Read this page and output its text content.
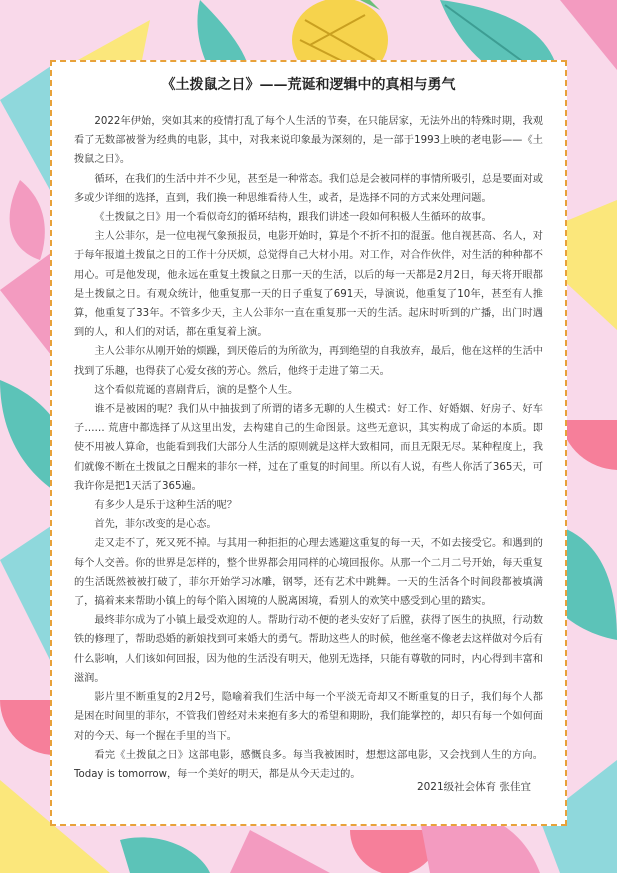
《土拨鼠之日》——荒诞和逻辑中的真相与勇气

2022年伊始，突如其来的疫情打乱了每个人生活的节奏，在只能居家，无法外出的特殊时期，我观看了无数部被誉为经典的电影，其中，对我来说印象最为深刻的，是一部于1993上映的老电影——《土拨鼠之日》。

循环，在我们的生活中并不少见，甚至是一种常态。我们总是会被同样的事情所吸引，总是要面对或多或少详细的选择，直到，我们换一种思维看待人生，或者，是选择不同的方式来处理问题。

《土拨鼠之日》用一个看似奇幻的循环结构，跟我们讲述一段如何积极人生循环的故事。

主人公菲尔，是一位电视气象预报员，电影开始时，算是个不折不扣的混蛋。他自视甚高、名人，对于每年报道土拨鼠之日的工作十分厌烦，总觉得自己大材小用。对工作，对合作伙伴，对生活的种种都不用心。可是他发现，他永远在重复土拨鼠之日那一天的生活，以后的每一天都是2月2日，每天将开眼都是土拨鼠之日。有观众统计，他重复那一天的日子重复了691天，导演说，他重复了10年，甚至有人推算，他重复了33年。不管多少天，主人公菲尔一直在重复那一天的生活。起床时听到的广播，出门时遇到的人，和人们的对话，都在重复着上演。

主人公菲尔从刚开始的烦躁，到厌倦后的为所欲为，再到绝望的自我放弃，最后，他在这样的生活中找到了乐趣，也得获了心爱女孩的芳心。然后，他终于走进了第二天。

这个看似荒诞的喜剧背后，演的是整个人生。

谁不是被困的呢？我们从中抽拔到了所谓的诸多无聊的人生模式：好工作、好婚姻、好房子、好车子…… 荒唐中都选择了从这里出发，去构建自己的生命图景。这些无意识，其实构成了命运的本质。即使不用被人算命，也能看到我们大部分人生活的原则就是这样大致相同，而且无限无尽。某种程度上，我们就像不断在土拨鼠之日醒来的菲尔一样，过在了重复的时间里。所以有人说，有些人你活了365天，可我许你是把1天活了365遍。

有多少人是乐于这种生活的呢？

首先，菲尔改变的是心态。

走又走不了，死又死不掉。与其用一种拒拒的心理去逃避这重复的每一天，不如去接受它。和遇到的每个人交善。你的世界是怎样的，整个世界都会用同样的心境回报你。从那一个二月二号开始，每天重复的生活既然被被打破了，菲尔开始学习冰雕，钢琴，还有艺术中跳舞。一天的生活各个时间段都被填满了，搞着来来帮助小镇上的每个陷入困境的人脱离困境，看别人的欢笑中感受到心里的踏实。

最终菲尔成为了小镇上最受欢迎的人。帮助行动不便的老头安好了后膛，获得了医生的执照，行动数铁的修理了，帮助恐婚的新娘找到可来婚大的勇气。帮助这些人的时候，他丝毫不像老去这样做对今后有什么影响，人们该如何回报，因为他的生活没有明天，他别无选择，只能有尊敬的同时，内心得到丰富和滋润。

影片里不断重复的2月2号，隐喻着我们生活中每一个平淡无奇却又不断重复的日子，我们每个人都是困在时间里的菲尔，不管我们曾经对未来抱有多大的希望和期盼，我们能掌控的，却只有每一个如何面对的今天、每一个握在手里的当下。

看完《土拨鼠之日》这部电影，感慨良多。每当我被困时，想想这部电影，又会找到人生的方向。Today is tomorrow，每一个美好的明天，都是从今天走过的。

2021级社会体育 张佳宜
